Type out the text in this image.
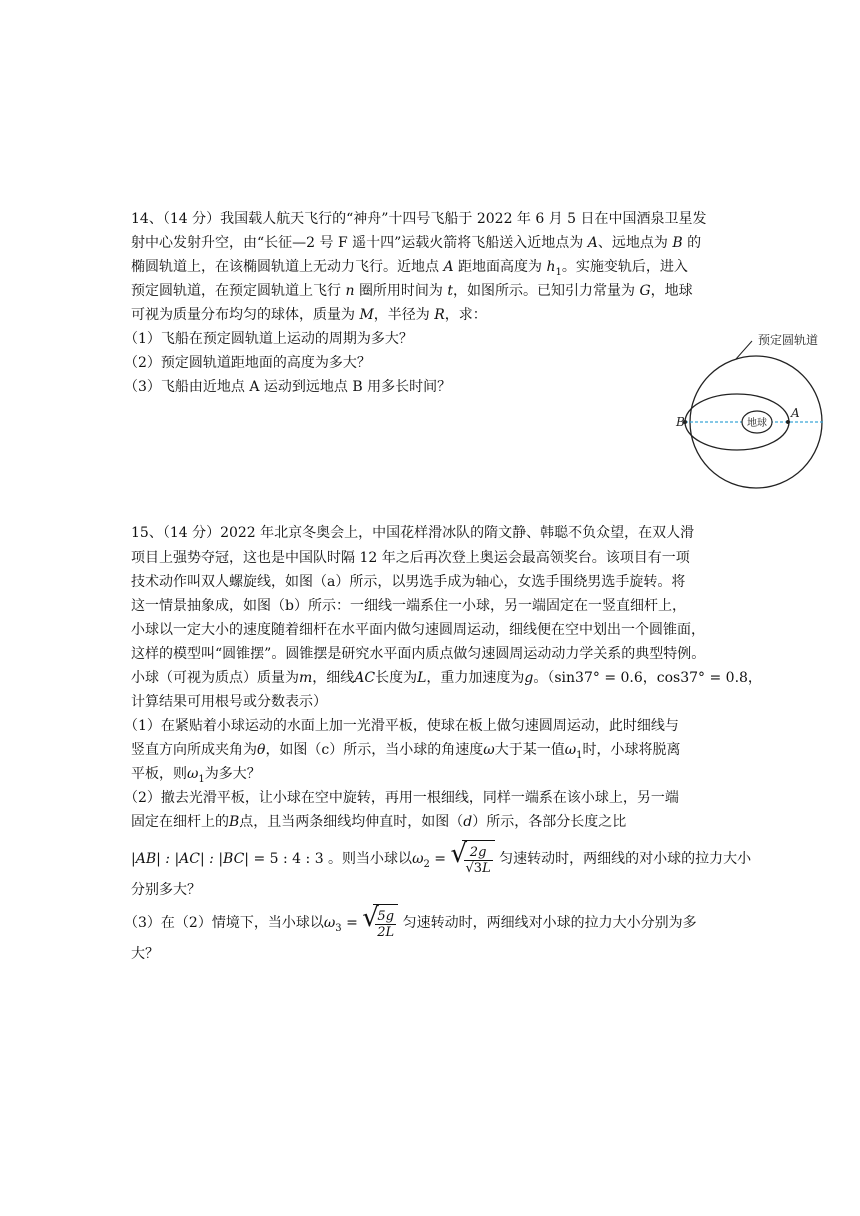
14、（14 分）我国载人航天飞行的“神舟”十四号飞船于 2022 年 6 月 5 日在中国酒泉卫星发
射中心发射升空，由“长征—2 号 F 遥十四”运载火箭将飞船送入近地点为 A、远地点为 B 的
椭圆轨道上，在该椭圆轨道上无动力飞行。近地点 A 距地面高度为 $h_1$。实施变轨后，进入
预定圆轨道，在预定圆轨道上飞行 n 圈所用时间为 t，如图所示。已知引力常量为 G，地球
可视为质量分布均匀的球体，质量为 M，半径为 R，求：
（1）飞船在预定圆轨道上运动的周期为多大？
（2）预定圆轨道距地面的高度为多大？
（3）飞船由近地点 A 运动到远地点 B 用多长时间？
地球
A
B
预定圆轨道
15、（14 分）2022 年北京冬奥会上，中国花样滑冰队的隋文静、韩聪不负众望，在双人滑
项目上强势夺冠，这也是中国队时隔 12 年之后再次登上奥运会最高领奖台。该项目有一项
技术动作叫双人螺旋线，如图（a）所示，以男选手成为轴心，女选手围绕男选手旋转。将
这一情景抽象成，如图（b）所示：一细线一端系住一小球，另一端固定在一竖直细杆上，
小球以一定大小的速度随着细杆在水平面内做匀速圆周运动，细线便在空中划出一个圆锥面，
这样的模型叫“圆锥摆”。圆锥摆是研究水平面内质点做匀速圆周运动动力学关系的典型特例。
小球（可视为质点）质量为m，细线AC长度为L，重力加速度为g。（sin37° = 0.6，cos37° = 0.8，
计算结果可用根号或分数表示）
（1）在紧贴着小球运动的水面上加一光滑平板，使球在板上做匀速圆周运动，此时细线与
竖直方向所成夹角为θ，如图（c）所示，当小球的角速度ω大于某一值$\omega_1$时，小球将脱离
平板，则$\omega_1$为多大？
（2）撤去光滑平板，让小球在空中旋转，再用一根细线，同样一端系在该小球上，另一端
固定在细杆上的B点，且当两条细线均伸直时，如图（d）所示，各部分长度之比
|AB| : |AC| : |BC| = 5 : 4 : 3 。则当小球以$\omega_2$ = √
$\frac{2g}{√3L}$ 匀速转动时，两细线的对小球的拉力大小
分别多大？
（3）在（2）情境下，当小球以$\omega_3$ = √
$\frac{5g}{2L}$ 匀速转动时，两细线对小球的拉力大小分别为多
大？
